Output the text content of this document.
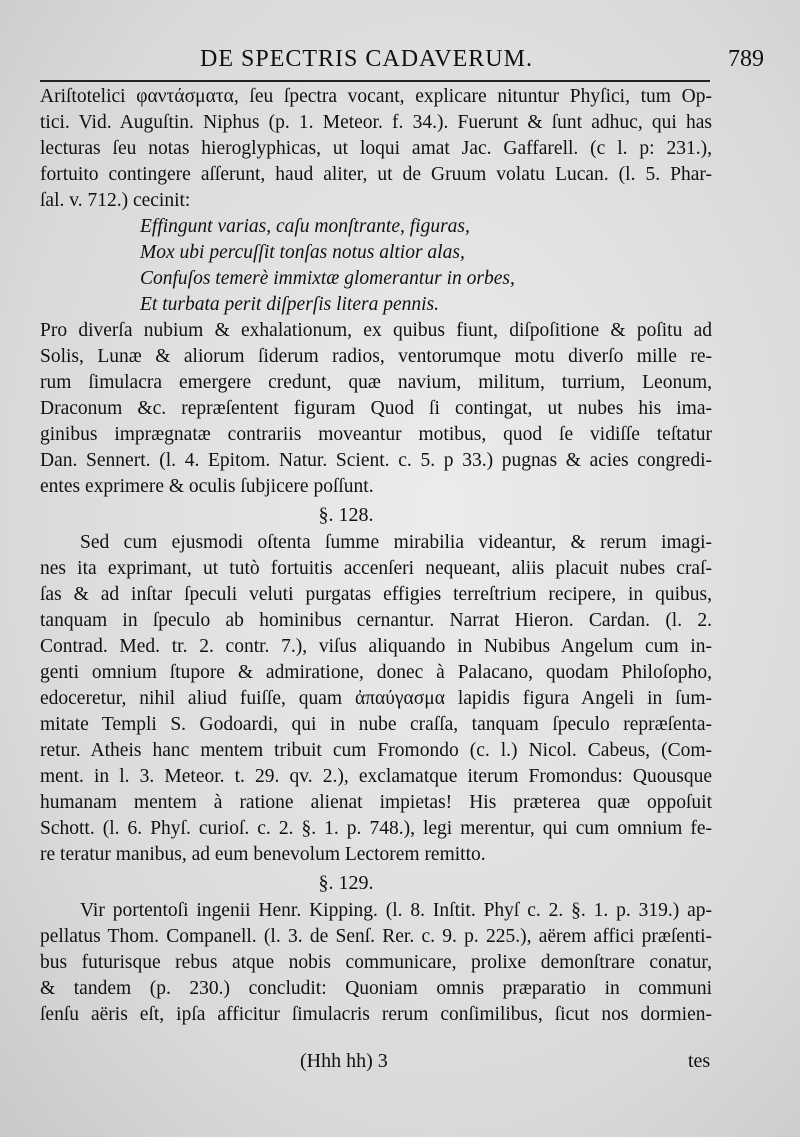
DE SPECTRIS CADAVERUM.	789
Ariſtotelici φαντάσματα, ſeu ſpectra vocant, explicare nituntur Phyſici, tum Op-
tici. Vid. Auguſtin. Niphus (p. 1. Meteor. f. 34.). Fuerunt & ſunt adhuc, qui has
lecturas ſeu notas hieroglyphicas, ut loqui amat Jac. Gaffarell. (c l. p: 231.),
fortuito contingere aſſerunt, haud aliter, ut de Gruum volatu Lucan. (l. 5. Phar-
ſal. v. 712.) cecinit:
Effingunt varias, caſu monſtrante, figuras,
Mox ubi percuſſit tonſas notus altior alas,
Confuſos temerè immixtæ glomerantur in orbes,
Et turbata perit diſperſis litera pennis.
Pro diverſa nubium & exhalationum, ex quibus fiunt, diſpoſitione & poſitu ad
Solis, Lunæ & aliorum ſiderum radios, ventorumque motu diverſo mille re-
rum ſimulacra emergere credunt, quæ navium, militum, turrium, Leonum,
Draconum &c. repræſentent figuram Quod ſi contingat, ut nubes his ima-
ginibus imprægnatæ contrariis moveantur motibus, quod ſe vidiſſe teſtatur
Dan. Sennert. (l. 4. Epitom. Natur. Scient. c. 5. p 33.) pugnas & acies congredi-
entes exprimere & oculis ſubjicere poſſunt.
§. 128.
Sed cum ejusmodi oſtenta ſumme mirabilia videantur, & rerum imagi-
nes ita exprimant, ut tutò fortuitis accenſeri nequeant, aliis placuit nubes craſ-
ſas & ad inſtar ſpeculi veluti purgatas effigies terreſtrium recipere, in quibus,
tanquam in ſpeculo ab hominibus cernantur. Narrat Hieron. Cardan. (l. 2.
Contrad. Med. tr. 2. contr. 7.), viſus aliquando in Nubibus Angelum cum in-
genti omnium ſtupore & admiratione, donec à Palacano, quodam Philoſopho,
edoceretur, nihil aliud fuiſſe, quam ἀπαύγασμα lapidis figura Angeli in ſum-
mitate Templi S. Godoardi, qui in nube craſſa, tanquam ſpeculo repræſenta-
retur. Atheis hanc mentem tribuit cum Fromondo (c. l.) Nicol. Cabeus, (Com-
ment. in l. 3. Meteor. t. 29. qv. 2.), exclamatque iterum Fromondus: Quousque
humanam mentem à ratione alienat impietas! His præterea quæ oppoſuit
Schott. (l. 6. Phyſ. curioſ. c. 2. §. 1. p. 748.), legi merentur, qui cum omnium fe-
re teratur manibus, ad eum benevolum Lectorem remitto.
§. 129.
Vir portentoſi ingenii Henr. Kipping. (l. 8. Inſtit. Phyſ c. 2. §. 1. p. 319.) ap-
pellatus Thom. Companell. (l. 3. de Senſ. Rer. c. 9. p. 225.), aërem affici præſenti-
bus futurisque rebus atque nobis communicare, prolixe demonſtrare conatur,
& tandem (p. 230.) concludit: Quoniam omnis præparatio in communi
ſenſu aëris eſt, ipſa afficitur ſimulacris rerum conſimilibus, ſicut nos dormien-
(Hhh hh) 3	tes
